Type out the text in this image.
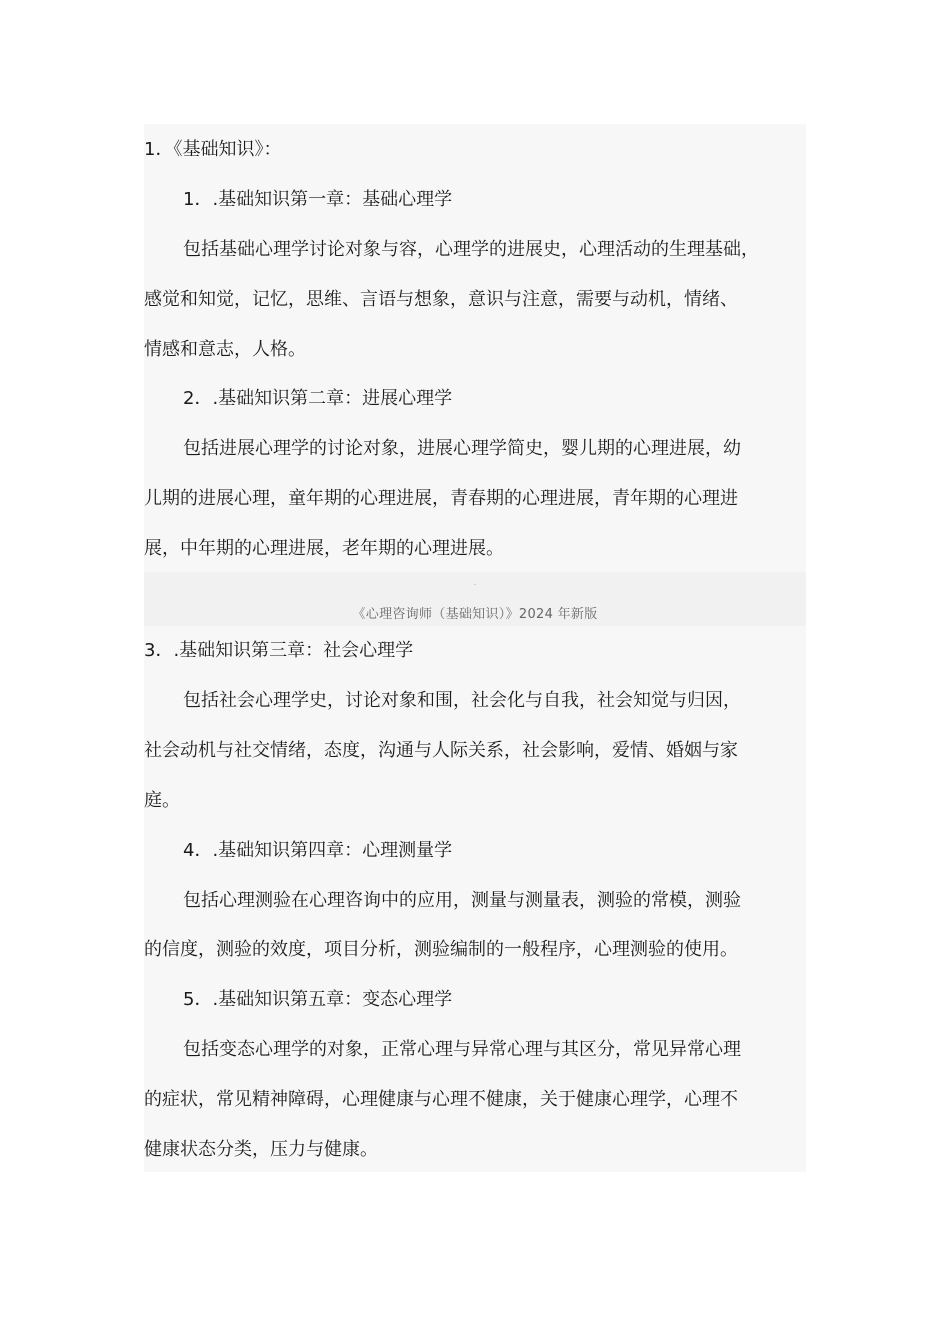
1．《基础知识》：
1．.基础知识第一章：基础心理学
包括基础心理学讨论对象与容，心理学的进展史，心理活动的生理基础，
感觉和知觉，记忆，思维、言语与想象，意识与注意，需要与动机，情绪、
情感和意志，人格。
2．.基础知识第二章：进展心理学
包括进展心理学的讨论对象，进展心理学简史，婴儿期的心理进展，幼
儿期的进展心理，童年期的心理进展，青春期的心理进展，青年期的心理进
展，中年期的心理进展，老年期的心理进展。
《心理咨询师（基础知识）》2024 年新版
3．.基础知识第三章：社会心理学
包括社会心理学史，讨论对象和围，社会化与自我，社会知觉与归因，
社会动机与社交情绪，态度，沟通与人际关系，社会影响，爱情、婚姻与家
庭。
4．.基础知识第四章：心理测量学
包括心理测验在心理咨询中的应用，测量与测量表，测验的常模，测验
的信度，测验的效度，项目分析，测验编制的一般程序，心理测验的使用。
5．.基础知识第五章：变态心理学
包括变态心理学的对象，正常心理与异常心理与其区分，常见异常心理
的症状，常见精神障碍，心理健康与心理不健康，关于健康心理学，心理不
健康状态分类，压力与健康。
